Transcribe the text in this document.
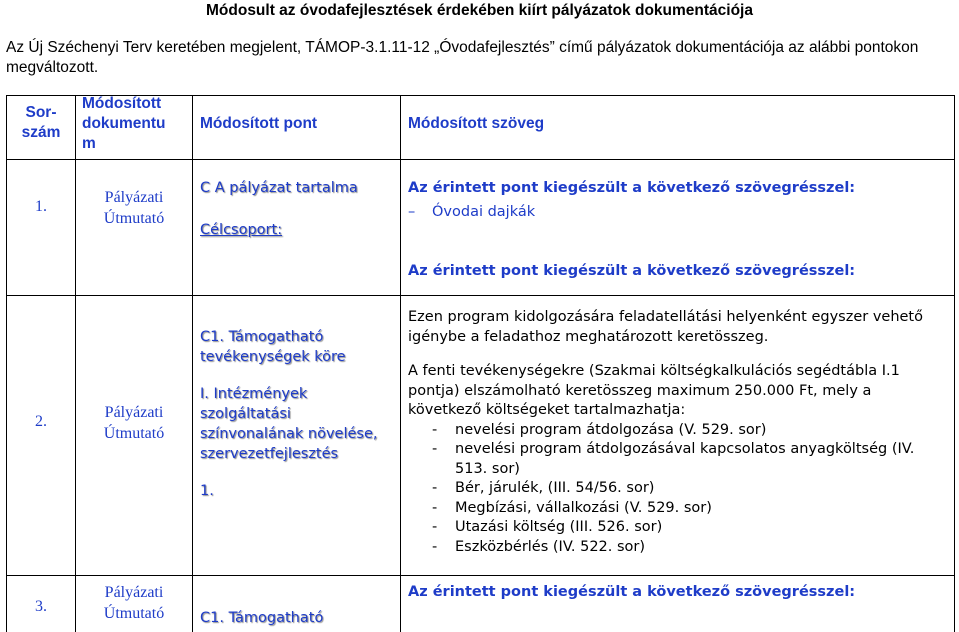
Módosult az óvodafejlesztések érdekében kiírt pályázatok dokumentációja
Az Új Széchenyi Terv keretében megjelent, TÁMOP-3.1.11-12 „Óvodafejlesztés” című pályázatok dokumentációja az alábbi pontokon megváltozott.
Sor-
szám
Módosított
dokumentu
m
Módosított pont	Módosított szöveg
1.
Pályázati
Útmutató
C A pályázat tartalma
Célcsoport:
Az érintett pont kiegészült a következő szövegrésszel:
– Óvodai dajkák
Az érintett pont kiegészült a következő szövegrésszel:
2.
Pályázati
Útmutató
C1. Támogatható
tevékenységek köre
I. Intézmények
szolgáltatási
színvonalának növelése,
szervezetfejlesztés
1.
Ezen program kidolgozására feladatellátási helyenként egyszer vehető igénybe a feladathoz meghatározott keretösszeg.
A fenti tevékenységekre (Szakmai költségkalkulációs segédtábla I.1 pontja) elszámolható keretösszeg maximum 250.000 Ft, mely a következő költségeket tartalmazhatja:
- nevelési program átdolgozása (V. 529. sor)
- nevelési program átdolgozásával kapcsolatos anyagköltség (IV. 513. sor)
- Bér, járulék, (III. 54/56. sor)
- Megbízási, vállalkozási (V. 529. sor)
- Utazási költség (III. 526. sor)
- Eszközbérlés (IV. 522. sor)
3.
Pályázati
Útmutató	C1. Támogatható
Az érintett pont kiegészült a következő szövegrésszel:
